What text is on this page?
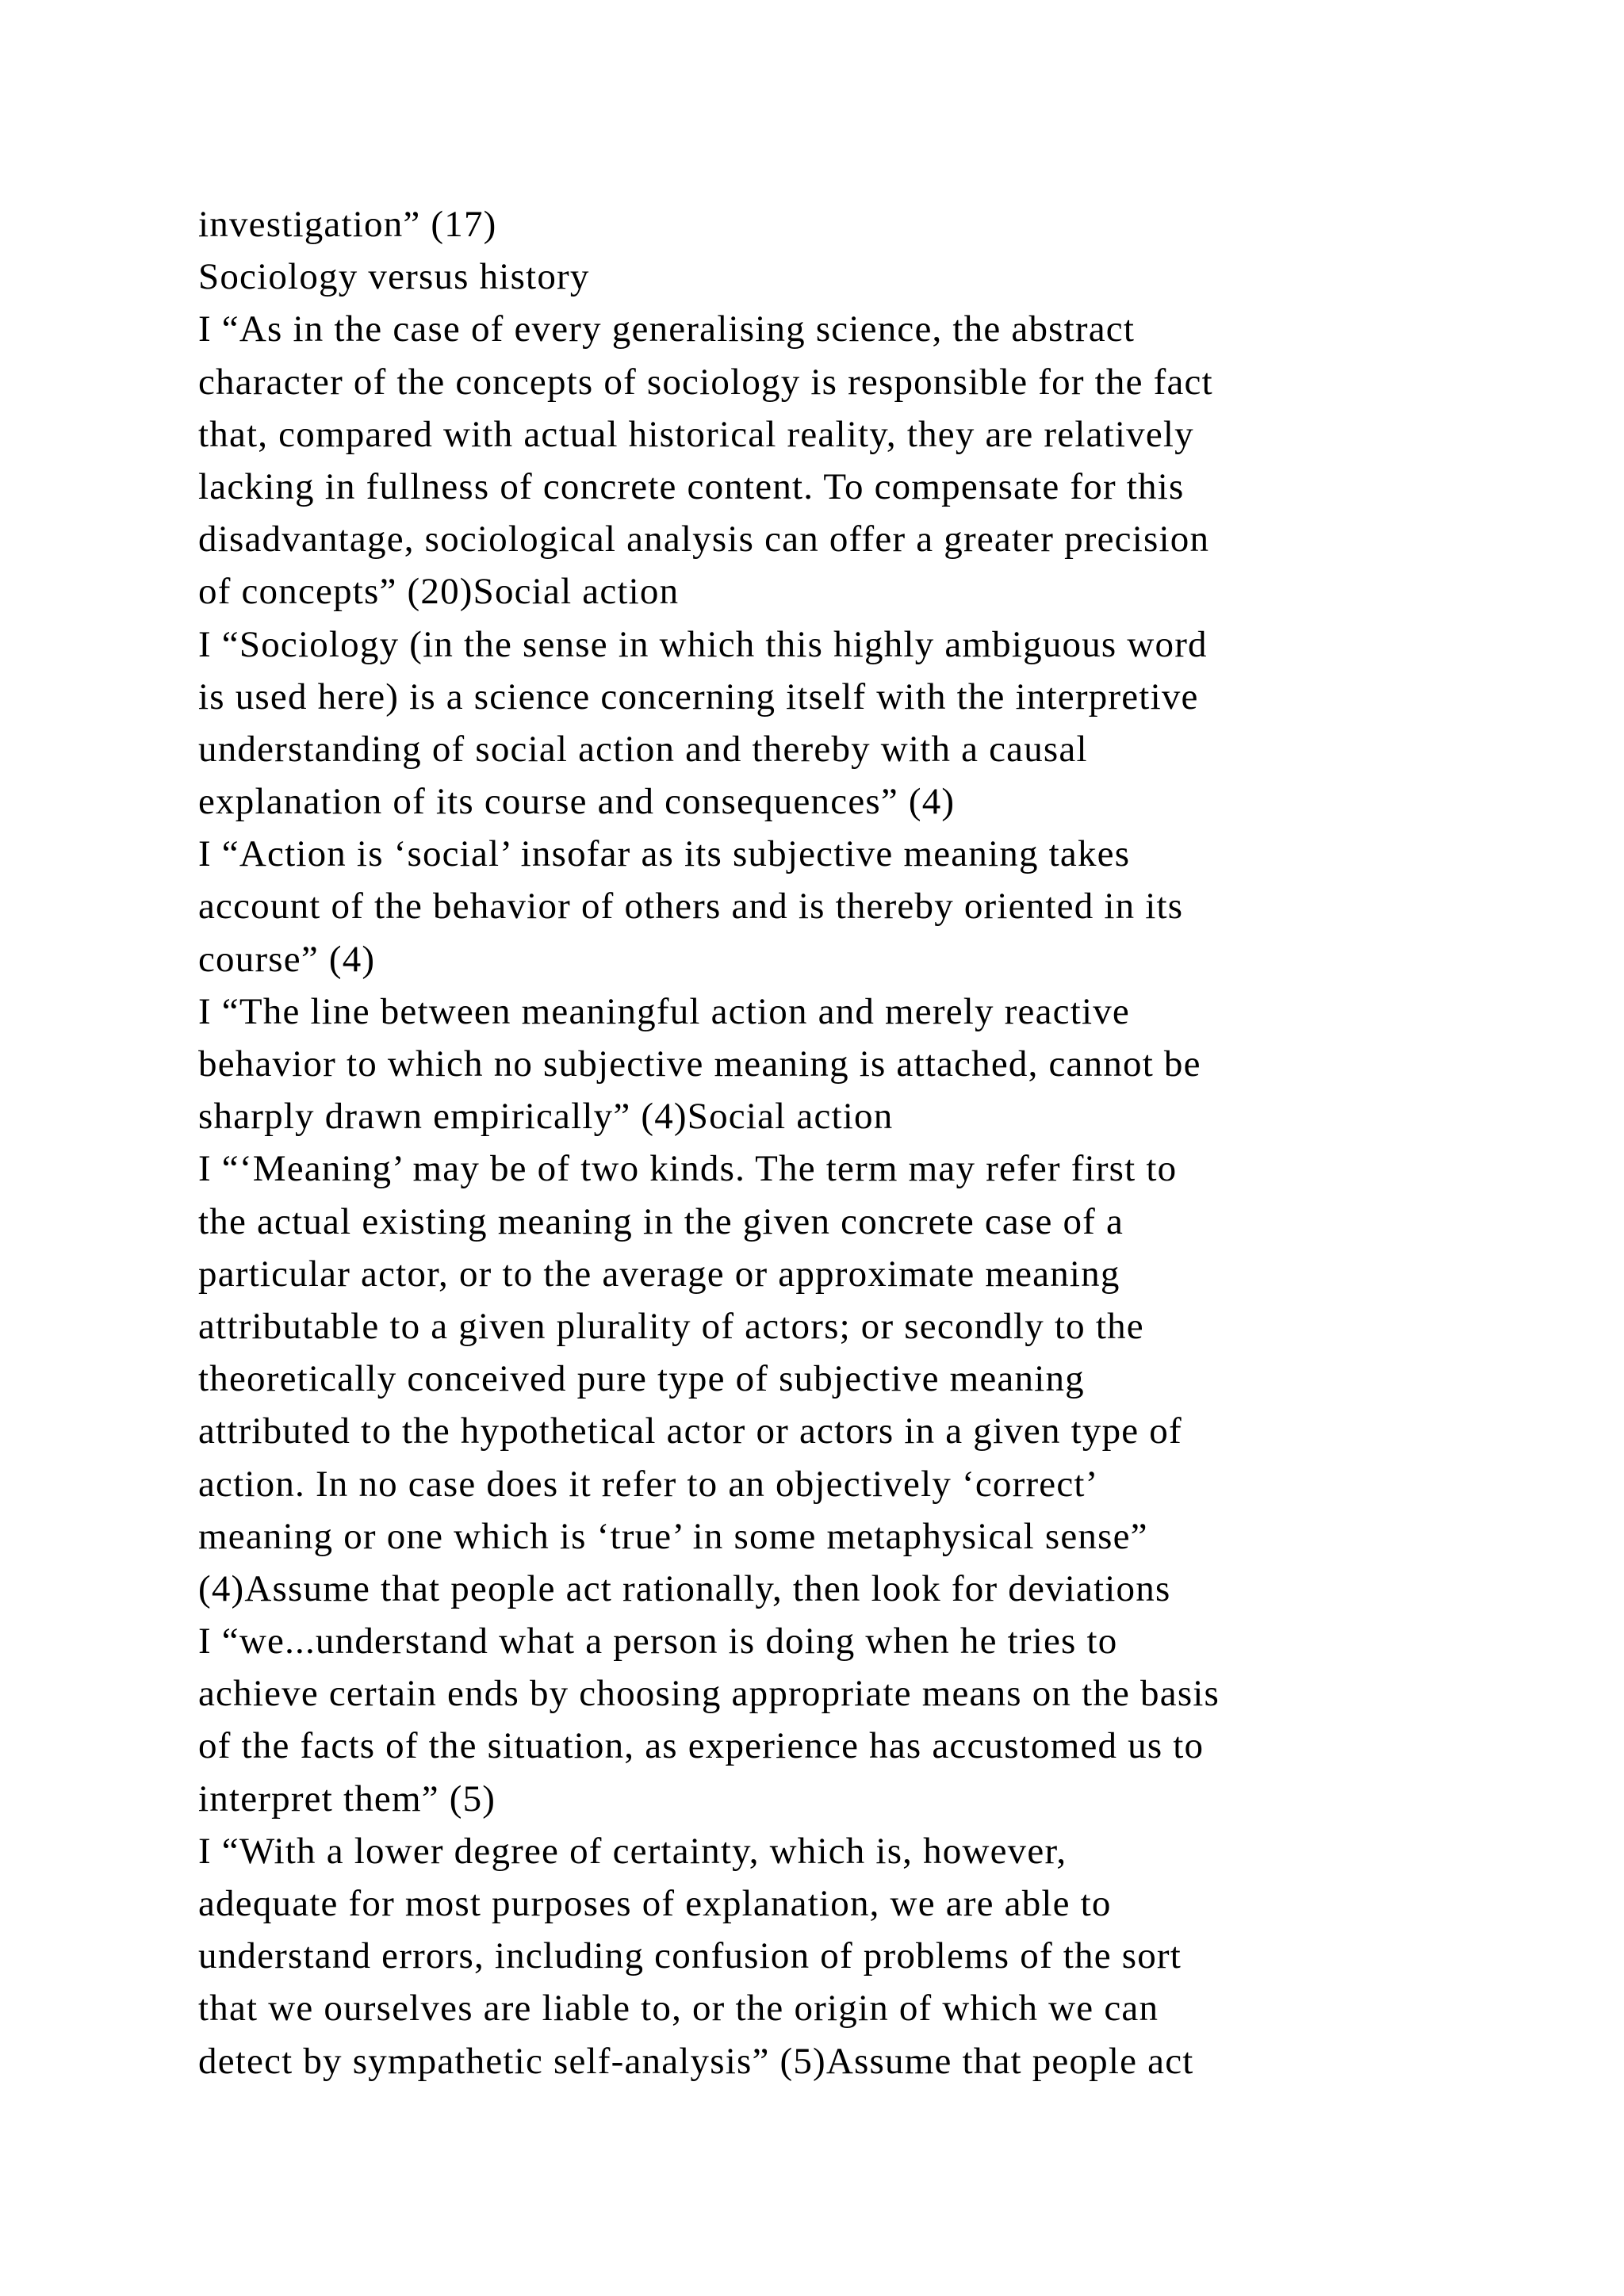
investigation” (17)
Sociology versus history
I “As in the case of every generalising science, the abstract
character of the concepts of sociology is responsible for the fact
that, compared with actual historical reality, they are relatively
lacking in fullness of concrete content. To compensate for this
disadvantage, sociological analysis can offer a greater precision
of concepts” (20)Social action
I “Sociology (in the sense in which this highly ambiguous word
is used here) is a science concerning itself with the interpretive
understanding of social action and thereby with a causal
explanation of its course and consequences” (4)
I “Action is ‘social’ insofar as its subjective meaning takes
account of the behavior of others and is thereby oriented in its
course” (4)
I “The line between meaningful action and merely reactive
behavior to which no subjective meaning is attached, cannot be
sharply drawn empirically” (4)Social action
I “‘Meaning’ may be of two kinds. The term may refer first to
the actual existing meaning in the given concrete case of a
particular actor, or to the average or approximate meaning
attributable to a given plurality of actors; or secondly to the
theoretically conceived pure type of subjective meaning
attributed to the hypothetical actor or actors in a given type of
action. In no case does it refer to an objectively ‘correct’
meaning or one which is ‘true’ in some metaphysical sense”
(4)Assume that people act rationally, then look for deviations
I “we...understand what a person is doing when he tries to
achieve certain ends by choosing appropriate means on the basis
of the facts of the situation, as experience has accustomed us to
interpret them” (5)
I “With a lower degree of certainty, which is, however,
adequate for most purposes of explanation, we are able to
understand errors, including confusion of problems of the sort
that we ourselves are liable to, or the origin of which we can
detect by sympathetic self-analysis” (5)Assume that people act
